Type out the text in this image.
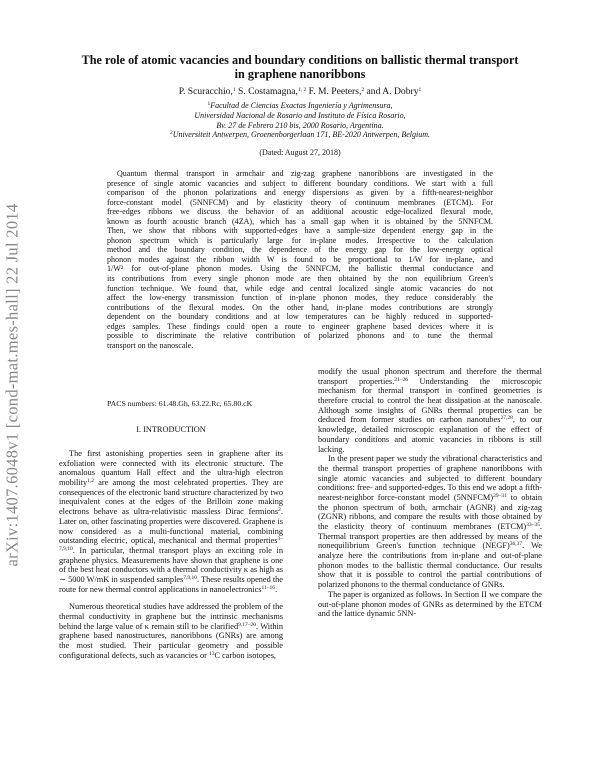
arXiv:1407.6048v1 [cond-mat.mes-hall] 22 Jul 2014
The role of atomic vacancies and boundary conditions on ballistic thermal transport
in graphene nanoribbons
P. Scuracchio,$^1$ S. Costamagna,$^{1, 2}$ F. M. Peeters,$^2$ and A. Dobry$^1$
$^1$Facultad de Ciencias Exactas Ingeniería y Agrimensura,
Universidad Nacional de Rosario and Instituto de Física Rosario,
Bv. 27 de Febrero 210 bis, 2000 Rosario, Argentina.
$^2$Universiteit Antwerpen, Groenenborgerlaan 171, BE-2020 Antwerpen, Belgium.
(Dated: August 27, 2018)
Quantum thermal transport in armchair and zig-zag graphene nanoribbons are investigated in the
presence of single atomic vacancies and subject to different boundary conditions. We start with a full
comparison of the phonon polarizations and energy dispersions as given by a fifth-nearest-neighbor
force-constant model (5NNFCM) and by elasticity theory of continuum membranes (ETCM). For
free-edges ribbons we discuss the behavior of an additional acoustic edge-localized flexural mode,
known as fourth acoustic branch (4ZA), which has a small gap when it is obtained by the 5NNFCM.
Then, we show that ribbons with supported-edges have a sample-size dependent energy gap in the
phonon spectrum which is particularly large for in-plane modes. Irrespective to the calculation
method and the boundary condition, the dependence of the energy gap for the low-energy optical
phonon modes against the ribbon width W is found to be proportional to 1/W for in-plane, and
1/W² for out-of-plane phonon modes. Using the 5NNFCM, the ballistic thermal conductance and
its contributions from every single phonon mode are then obtained by the non equilibrium Green's
function technique. We found that, while edge and central localized single atomic vacancies do not
affect the low-energy transmission function of in-plane phonon modes, they reduce considerably the
contributions of the flexural modes. On the other hand, in-plane modes contributions are strongly
dependent on the boundary conditions and at low temperatures can be highly reduced in supported-
edges samples. These findings could open a route to engineer graphene based devices where it is
possible to discriminate the relative contribution of polarized phonons and to tune the thermal
transport on the nanoscale.
PACS numbers: 61.48.Gh, 63.22.Rc, 65.80.cK
I. INTRODUCTION

The first astonishing properties seen in graphene after its exfoliation were connected with its electronic structure. The anomalous quantum Hall effect and the ultra-high electron mobility$^{1,2}$ are among the most celebrated properties. They are consequences of the electronic band structure characterized by two inequivalent cones at the edges of the Brilloin zone making electrons behave as ultra-relativistic massless Dirac fermions$^2$. Later on, other fascinating properties were discovered. Graphene is now considered as a multi-functional material, combining outstanding electric, optical, mechanical and thermal properties$^{3-7,9,10}$. In particular, thermal transport plays an exciting role in graphene physics. Measurements have shown that graphene is one of the best heat conductors with a thermal conductivity κ as high as ∼ 5000 W/mK in suspended samples$^{7,9,10}$. These results opened the route for new thermal control applications in nanoelectronics$^{11-16}$.

Numerous theoretical studies have addressed the problem of the thermal conductivity in graphene but the intrinsic mechanisms behind the large value of κ remain still to be clarified$^{9,17-20}$. Within graphene based nanostructures, nanoribbons (GNRs) are among the most studied. Their particular geometry and possible configurational defects, such as vacancies or $^{13}$C carbon isotopes,

modify the usual phonon spectrum and therefore the thermal transport properties.$^{21-26}$ Understanding the microscopic mechanism for thermal transport in confined geometries is therefore crucial to control the heat dissipation at the nanoscale. Although some insights of GNRs thermal properties can be deduced from former studies on carbon nanotubes$^{27,28}$, to our knowledge, detailed microscopic explanation of the effect of boundary conditions and atomic vacancies in ribbons is still lacking.

In the present paper we study the vibrational characteristics and the thermal transport properties of graphene nanoribbons with single atomic vacancies and subjected to different boundary conditions: free- and supported-edges. To this end we adopt a fifth-nearest-neighbor force-constant model (5NNFCM)$^{29-31}$ to obtain the phonon spectrum of both, armchair (AGNR) and zig-zag (ZGNR) ribbons, and compare the results with those obtained by the elasticity theory of continuum membranes (ETCM)$^{33-35}$. Thermal transport properties are then addressed by means of the nonequilibrium Green's function technique (NEGF)$^{36,37}$. We analyze here the contributions from in-plane and out-of-plane phonon modes to the ballistic thermal conductance. Our results show that it is possible to control the partial contributions of polarized phonons to the thermal conductance of GNRs.

The paper is organized as follows. In Section II we compare the out-of-plane phonon modes of GNRs as determined by the ETCM and the lattice dynamic 5NN-
